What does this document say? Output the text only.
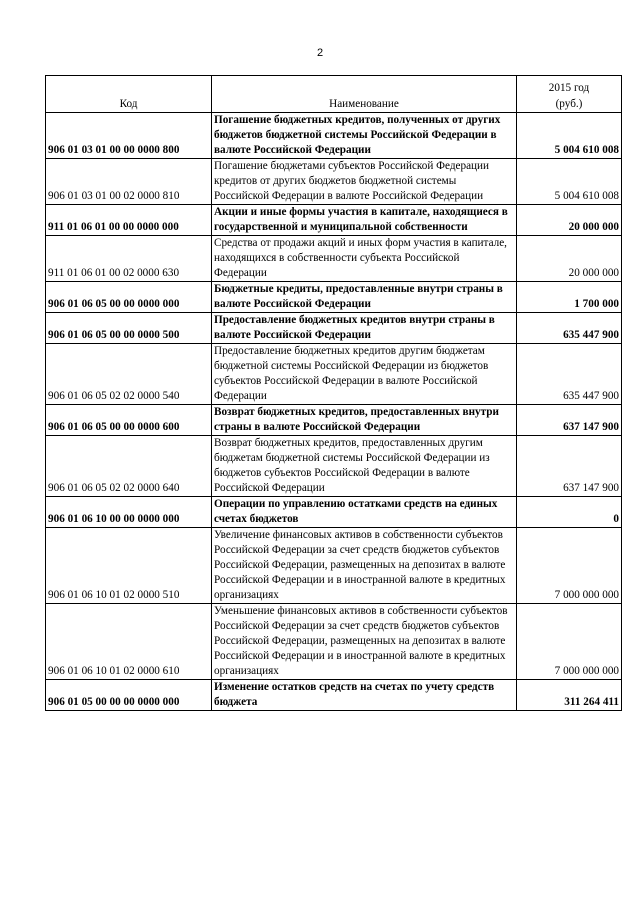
2
Код	Наименование	2015 год
(руб.)

906 01 03 01 00 00 0000 800	Погашение бюджетных кредитов, полученных от других бюджетов бюджетной системы Российской Федерации в валюте Российской Федерации	5 004 610 008
906 01 03 01 00 02 0000 810	Погашение бюджетами субъектов Российской Федерации кредитов от других бюджетов бюджетной системы Российской Федерации в валюте Российской Федерации	5 004 610 008
911 01 06 01 00 00 0000 000	Акции и иные формы участия в капитале, находящиеся в государственной и муниципальной собственности	20 000 000
911 01 06 01 00 02 0000 630	Средства от продажи акций и иных форм участия в капитале, находящихся в собственности субъекта Российской Федерации	20 000 000
906 01 06 05 00 00 0000 000	Бюджетные кредиты, предоставленные внутри страны в валюте Российской Федерации	1 700 000
906 01 06 05 00 00 0000 500	Предоставление бюджетных кредитов внутри страны в валюте Российской Федерации	635 447 900
906 01 06 05 02 02 0000 540	Предоставление бюджетных кредитов другим бюджетам бюджетной системы Российской Федерации из бюджетов субъектов Российской Федерации в валюте Российской Федерации	635 447 900
906 01 06 05 00 00 0000 600	Возврат бюджетных кредитов, предоставленных внутри страны в валюте Российской Федерации	637 147 900
906 01 06 05 02 02 0000 640	Возврат бюджетных кредитов, предоставленных другим бюджетам бюджетной системы Российской Федерации из бюджетов субъектов Российской Федерации в валюте Российской Федерации	637 147 900
906 01 06 10 00 00 0000 000	Операции по управлению остатками средств на единых счетах бюджетов	0
906 01 06 10 01 02 0000 510	Увеличение финансовых активов в собственности субъектов Российской Федерации за счет средств бюджетов субъектов Российской Федерации, размещенных на депозитах в валюте Российской Федерации и в иностранной валюте в кредитных организациях	7 000 000 000
906 01 06 10 01 02 0000 610	Уменьшение финансовых активов в собственности субъектов Российской Федерации за счет средств бюджетов субъектов Российской Федерации, размещенных на депозитах в валюте Российской Федерации и в иностранной валюте в кредитных организациях	7 000 000 000
906 01 05 00 00 00 0000 000	Изменение остатков средств на счетах по учету средств бюджета	311 264 411
